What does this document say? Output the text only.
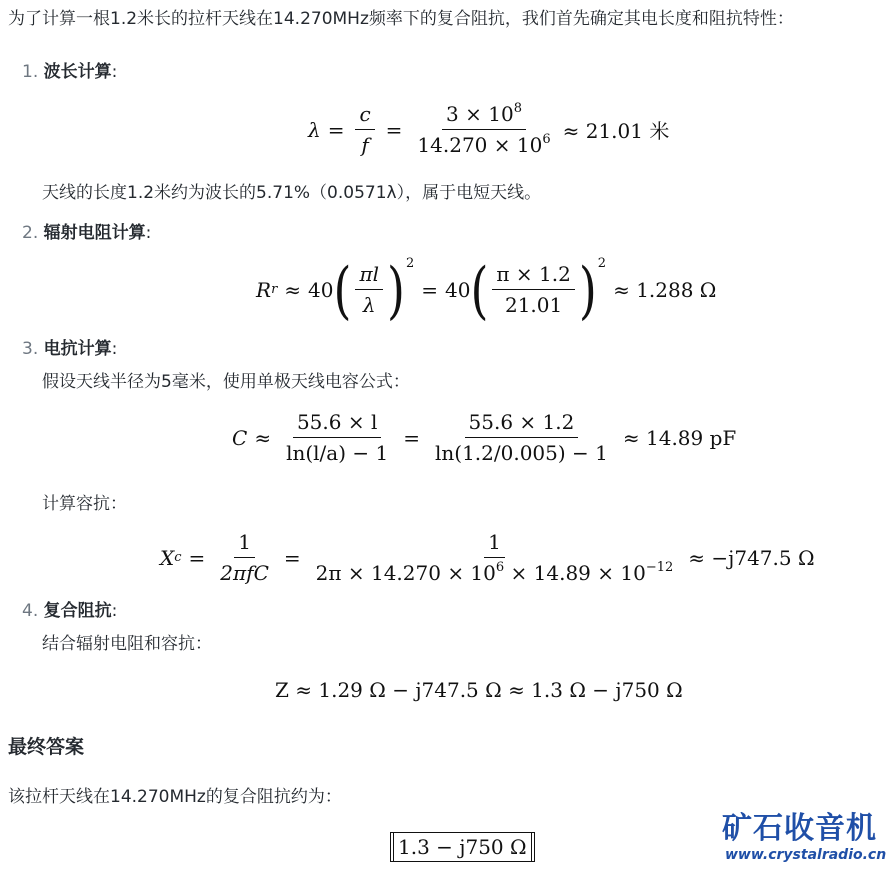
为了计算一根1.2米长的拉杆天线在14.270MHz频率下的复合阻抗，我们首先确定其电长度和阻抗特性：
1. 波长计算:
$\lambda = \frac{c}{f} = \frac{3 \times 10^8}{14.270 \times 10^6} \approx 21.01$ 米
天线的长度1.2米约为波长的5.71%（0.0571λ），属于电短天线。
2. 辐射电阻计算:
R r ≈ 40 ( $\frac{\pi l}{\lambda}$ ) 2
= 40 ( $\frac{\pi \times 1.2}{21.01}$ ) 2
≈ 1.288 Ω
3. 电抗计算:
假设天线半径为5毫米，使用单极天线电容公式：
$C \approx \frac{55.6 \times l}{\ln(l/a) - 1} = \frac{55.6 \times 1.2}{\ln(1.2/0.005) - 1} \approx 14.89$ pF
计算容抗：
X $c = \frac{1}{\text{2πfC}} = \frac{1}{2\pi \times 14.270 \times 10^6 \times 14.89 \times 10^{-12}} \approx -j747.5$ Ω
4. 复合阻抗:
结合辐射电阻和容抗：
Z ≈ 1.29 Ω − j747.5 Ω ≈ 1.3 Ω − j750 Ω
最终答案
该拉杆天线在14.270MHz的复合阻抗约为：
1.3 − j750 Ω
矿石收音机
www.crystalradio.cn
